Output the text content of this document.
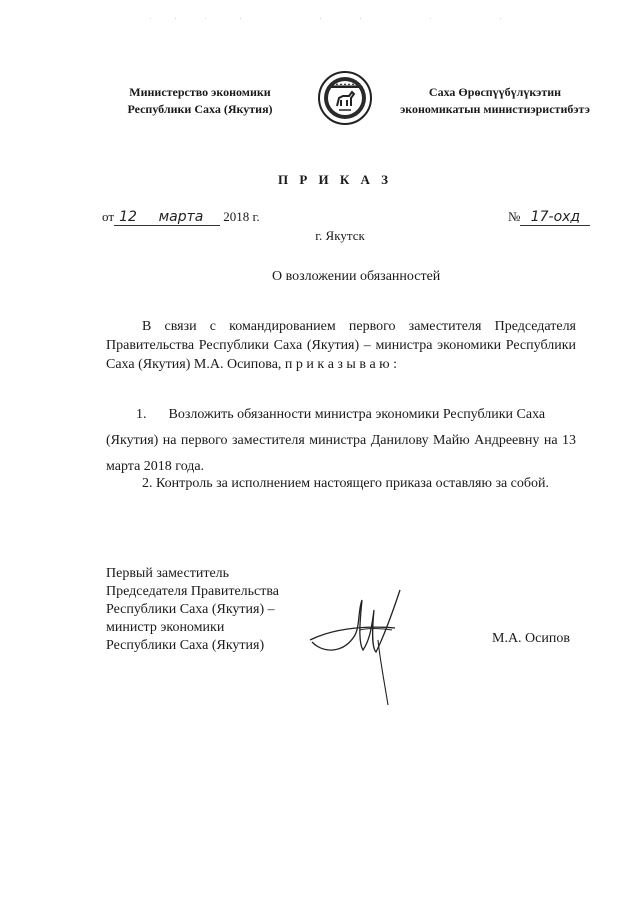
Министерство экономики
Республики Саха (Якутия)
Саха Өрөспүүбүлүкэтин
экономикатын министиэристибэтэ
П Р И К А З
от 12 марта 2018 г.	№ 17-охд
г. Якутск
О возложении обязанностей
В связи с командированием первого заместителя Председателя Правительства Республики Саха (Якутия) – министра экономики Республики Саха (Якутия) М.А. Осипова, п р и к а з ы в а ю :
1. Возложить обязанности министра экономики Республики Саха
(Якутия) на первого заместителя министра Данилову Майю Андреевну на 13 марта 2018 года.
2. Контроль за исполнением настоящего приказа оставляю за собой.
Первый заместитель
Председателя Правительства
Республики Саха (Якутия) –
министр экономики
Республики Саха (Якутия)	М.А. Осипов
